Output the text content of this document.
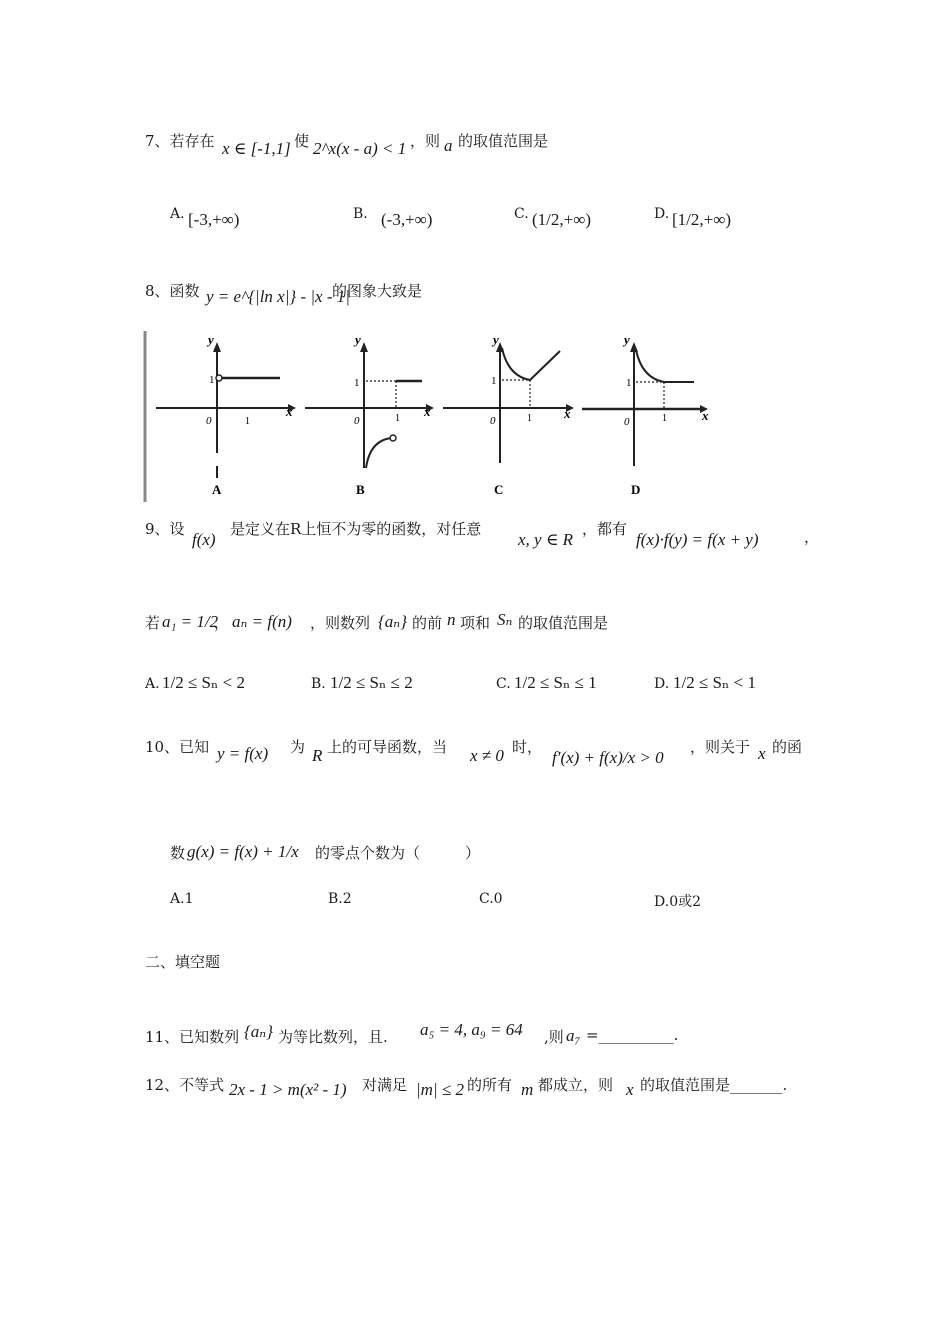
7、若存在 x ∈ [-1,1] 使 2^x(x - a) < 1 ，则 a 的取值范围是
A. [-3,+∞)	B. (-3,+∞)	C. (1/2,+∞)	D. [1/2,+∞)
8、函数 y = e^{|ln x|} - |x - 1|
的图象大致是
y
x
0
1
1
A
y
x
0
1
1
B
y
x
0
1
1
C
y
x
0
1
1
D
9、设
f(x)
是定义在R上恒不为零的函数，对任意
x, y ∈ R
，都有
f(x)·f(y) = f(x + y)	，
若 a₁ = 1/2
， aₙ = f(n) ，则数列 {aₙ} 的前 n 项和 Sₙ 的取值范围是
A. 1/2 ≤ Sₙ < 2	B. 1/2 ≤ Sₙ ≤ 2	C. 1/2 ≤ Sₙ ≤ 1	D. 1/2 ≤ Sₙ < 1
10、已知 y = f(x) 为 R 上的可导函数，当 x ≠ 0 时，
f′(x) + f(x)/x > 0
，则关于 x 的函
数 g(x) = f(x) + 1/x 的零点个数为（　　　）
A.1	B.2	C.0	D.0或2
二、填空题
11、已知数列 {aₙ} 为等比数列，且. a₅ = 4, a₉ = 64 ,则 a₇ =__________.
12、不等式 2x - 1 > m(x² - 1) 对满足 |m| ≤ 2 的所有 m 都成立，则 x 的取值范围是_______.
